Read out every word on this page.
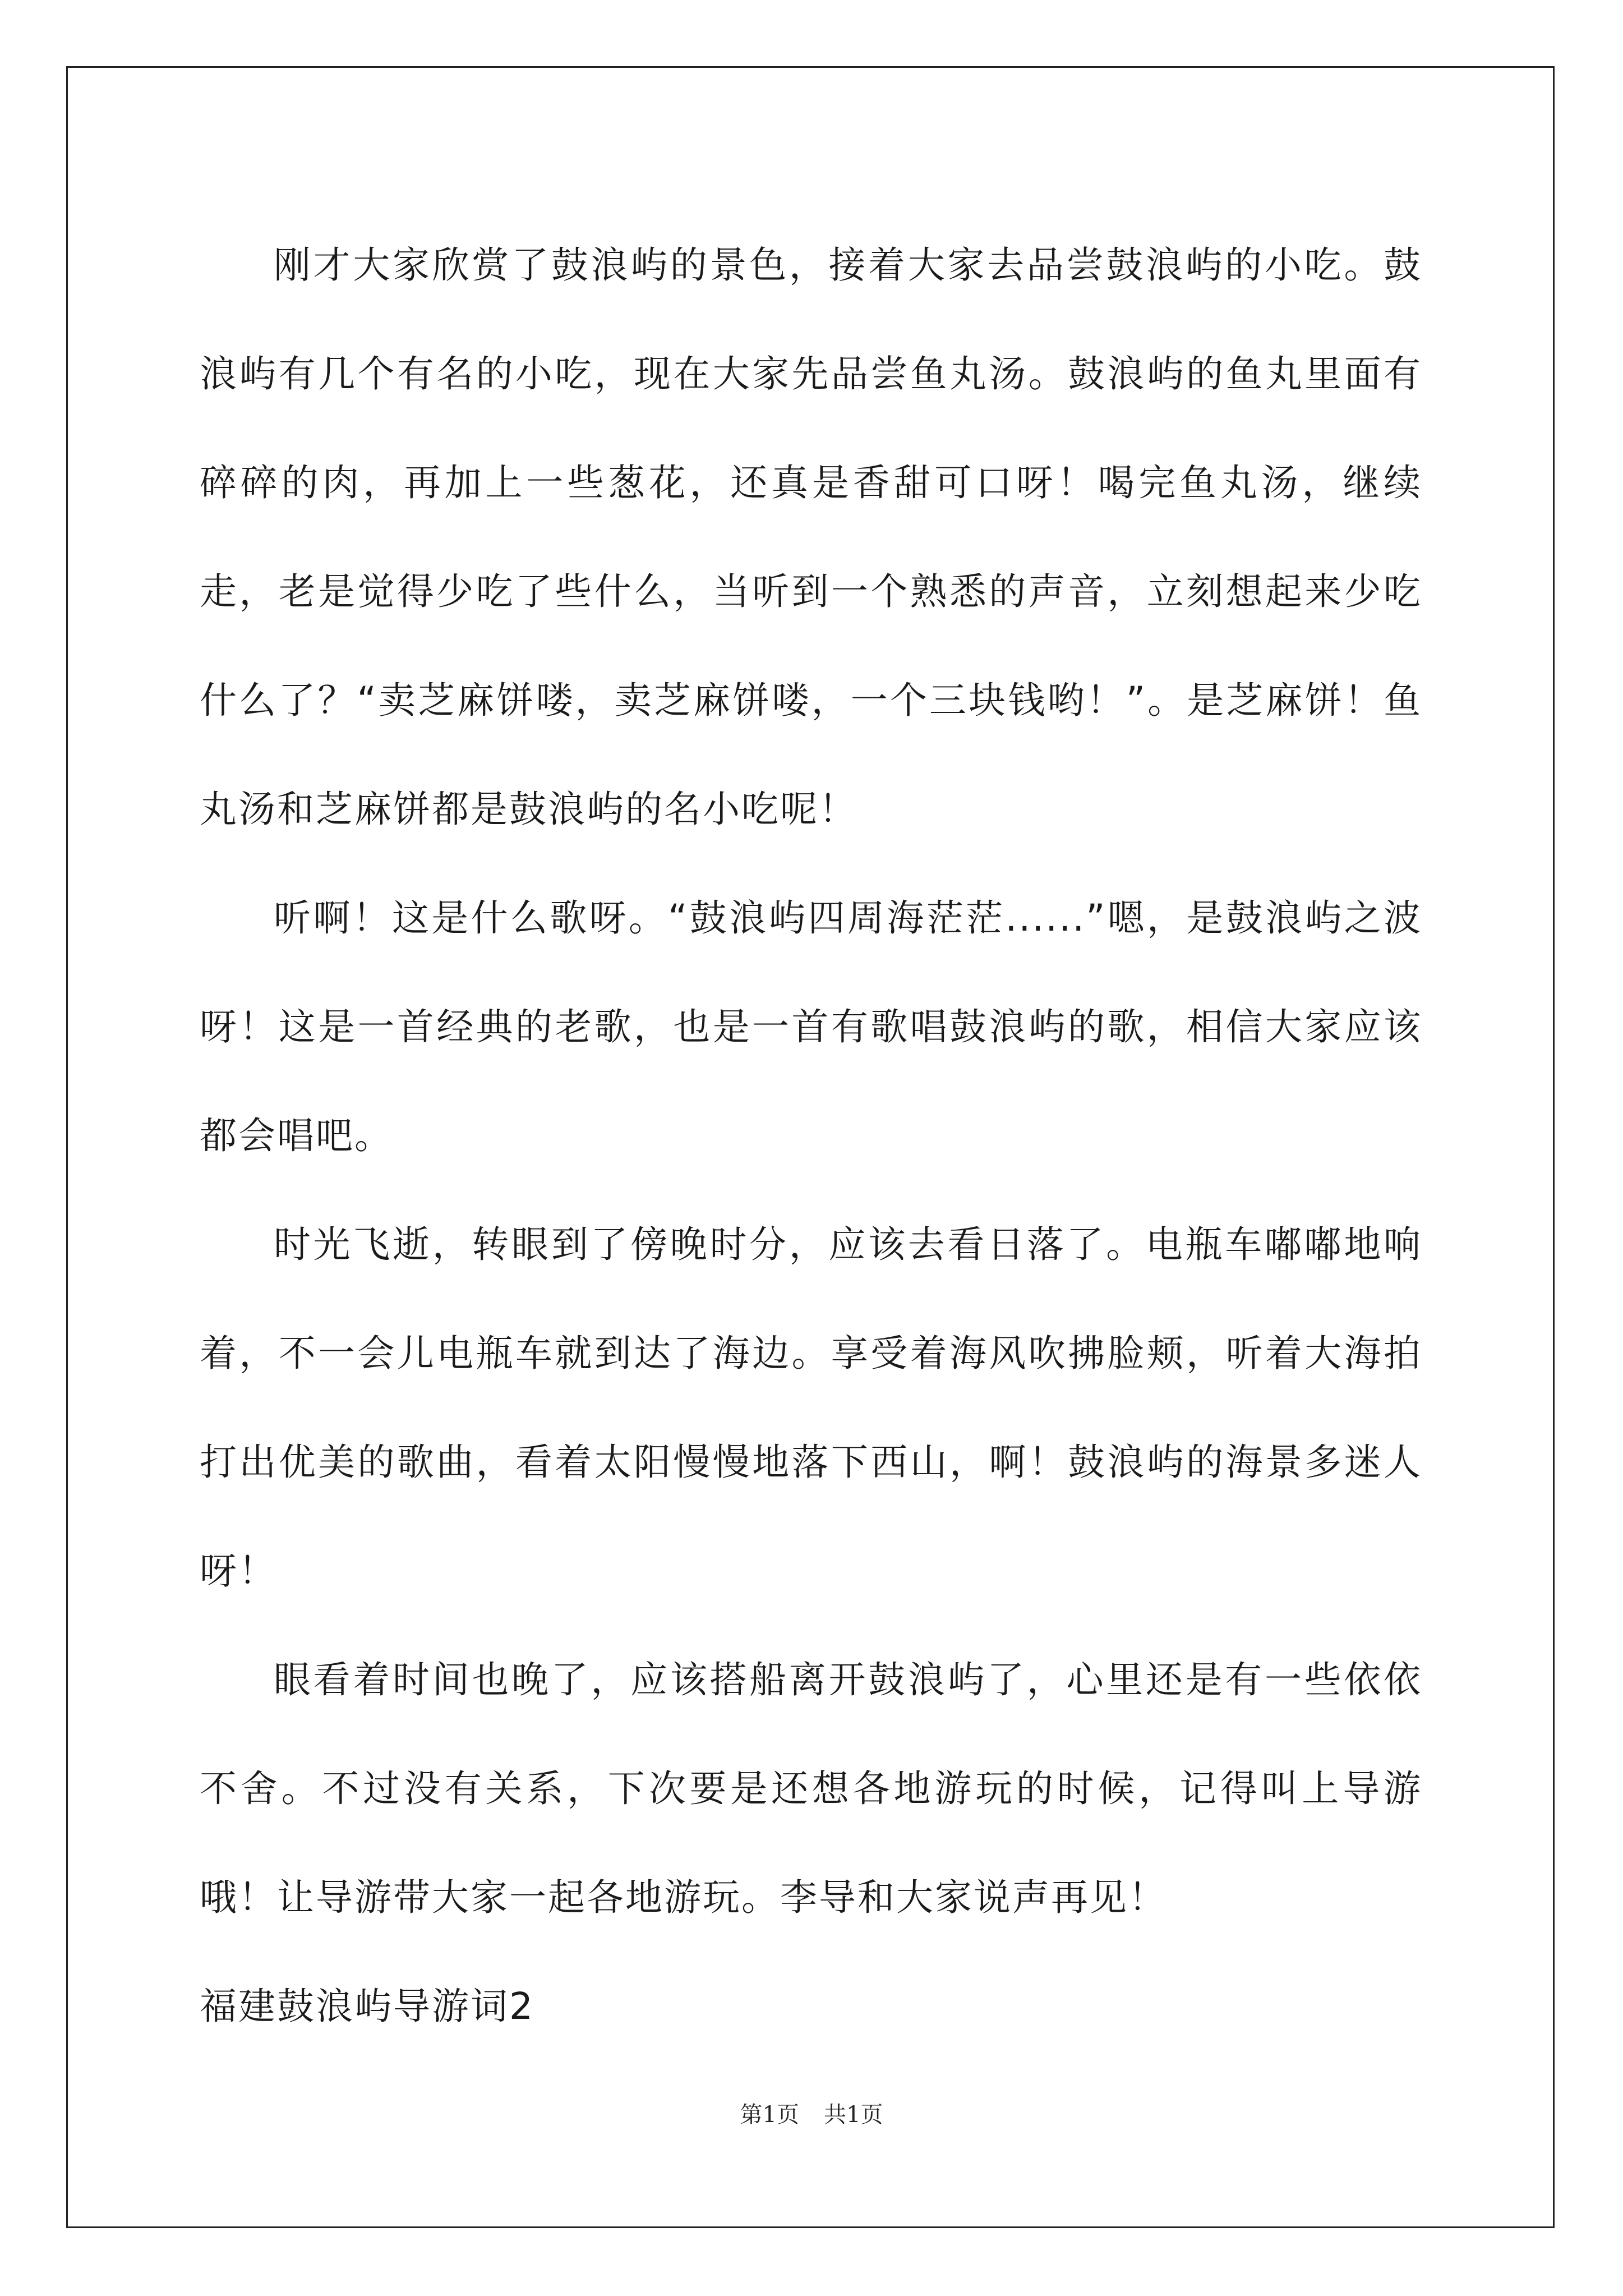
刚才大家欣赏了鼓浪屿的景色，接着大家去品尝鼓浪屿的小吃。鼓浪屿有几个有名的小吃，现在大家先品尝鱼丸汤。鼓浪屿的鱼丸里面有碎碎的肉，再加上一些葱花，还真是香甜可口呀！喝完鱼丸汤，继续走，老是觉得少吃了些什么，当听到一个熟悉的声音，立刻想起来少吃什么了？“卖芝麻饼喽，卖芝麻饼喽，一个三块钱哟！”。是芝麻饼！鱼丸汤和芝麻饼都是鼓浪屿的名小吃呢！

听啊！这是什么歌呀。“鼓浪屿四周海茫茫......”嗯，是鼓浪屿之波呀！这是一首经典的老歌，也是一首有歌唱鼓浪屿的歌，相信大家应该都会唱吧。

时光飞逝，转眼到了傍晚时分，应该去看日落了。电瓶车嘟嘟地响着，不一会儿电瓶车就到达了海边。享受着海风吹拂脸颊，听着大海拍打出优美的歌曲，看着太阳慢慢地落下西山，啊！鼓浪屿的海景多迷人呀！

眼看着时间也晚了，应该搭船离开鼓浪屿了，心里还是有一些依依不舍。不过没有关系，下次要是还想各地游玩的时候，记得叫上导游哦！让导游带大家一起各地游玩。李导和大家说声再见！

福建鼓浪屿导游词2

第1页 共1页
